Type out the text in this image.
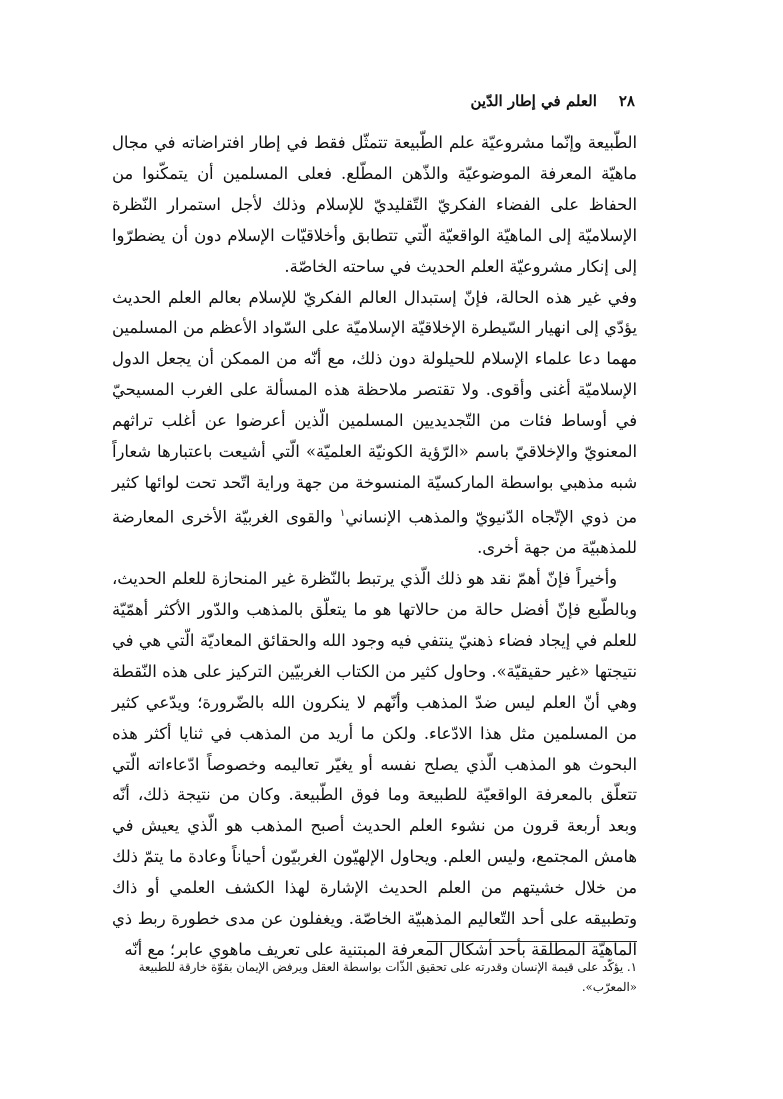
٢٨
العلم في إطار الدّين

الطّبيعة وإنّما مشروعيّة علم الطّبيعة تتمثّل فقط في إطار افتراضاته في مجال ماهيّة المعرفة الموضوعيّة والذّهن المطّلع. فعلى المسلمين أن يتمكّنوا من الحفاظ على الفضاء الفكريّ التّقليديّ للإسلام وذلك لأجل استمرار النّظرة الإسلاميّة إلى الماهيّة الواقعيّة الّتي تتطابق وأخلاقيّات الإسلام دون أن يضطرّوا إلى إنكار مشروعيّة العلم الحديث في ساحته الخاصّة.

وفي غير هذه الحالة، فإنّ إستبدال العالم الفكريّ للإسلام بعالم العلم الحديث يؤدّي إلى انهيار السّيطرة الإخلاقيّة الإسلاميّة على السّواد الأعظم من المسلمين مهما دعا علماء الإسلام للحيلولة دون ذلك، مع أنّه من الممكن أن يجعل الدول الإسلاميّة أغنى وأقوى. ولا تقتصر ملاحظة هذه المسألة على الغرب المسيحيّ في أوساط فئات من التّجديديين المسلمين الّذين أعرضوا عن أغلب تراثهم المعنويّ والإخلاقيّ باسم «الرّؤية الكونيّة العلميّة» الّتي أشيعت باعتبارها شعاراً شبه مذهبي بواسطة الماركسيّة المنسوخة من جهة وراية اتّحد تحت لوائها كثير من ذوي الإتّجاه الدّنيويّ والمذهب الإنساني$^١$ والقوى الغربيّة الأخرى المعارضة للمذهبيّة من جهة أخرى.

وأخيراً فإنّ أهمّ نقد هو ذلك الّذي يرتبط بالنّظرة غير المنحازة للعلم الحديث، وبالطّبع فإنّ أفضل حالة من حالاتها هو ما يتعلّق بالمذهب والدّور الأكثر أهمّيّة للعلم في إيجاد فضاء ذهنيّ ينتفي فيه وجود الله والحقائق المعاديّة الّتي هي في نتيجتها «غير حقيقيّة». وحاول كثير من الكتاب الغربيّين التركيز على هذه النّقطة وهي أنّ العلم ليس ضدّ المذهب وأنّهم لا ينكرون الله بالضّرورة؛ ويدّعي كثير من المسلمين مثل هذا الادّعاء. ولكن ما أريد من المذهب في ثنايا أكثر هذه البحوث هو المذهب الّذي يصلح نفسه أو يغيّر تعاليمه وخصوصاً ادّعاءاته الّتي تتعلّق بالمعرفة الواقعيّة للطبيعة وما فوق الطّبيعة. وكان من نتيجة ذلك، أنّه وبعد أربعة قرون من نشوء العلم الحديث أصبح المذهب هو الّذي يعيش في هامش المجتمع، وليس العلم. ويحاول الإلهيّون الغربيّون أحياناً وعادة ما يتمّ ذلك من خلال خشيتهم من العلم الحديث الإشارة لهذا الكشف العلمي أو ذاك وتطبيقه على أحد التّعاليم المذهبيّة الخاصّة. ويغفلون عن مدى خطورة ربط ذي الماهيّة المطلقة بأحد أشكال المعرفة المبتنية على تعريف ماهوي عابر؛ مع أنّه

١. يؤكّد على قيمة الإنسان وقدرته على تحقيق الذّات بواسطة العقل ويرفض الإيمان بقوّة خارقة للطبيعة «المعرّب».
